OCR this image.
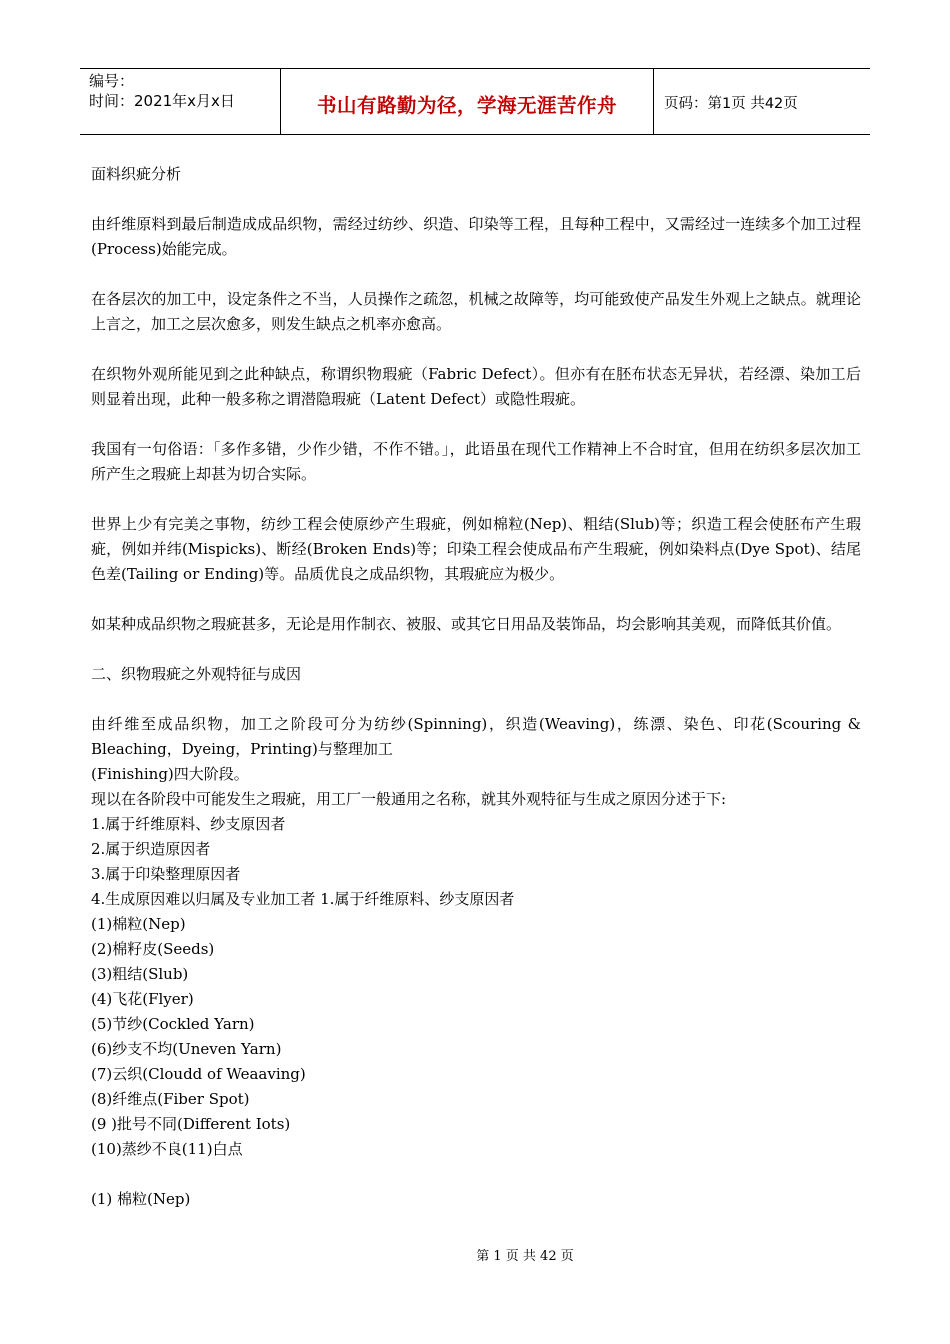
编号：
时间：2021年x月x日	书山有路勤为径，学海无涯苦作舟	页码：第1页 共42页

面料织疵分析

由纤维原料到最后制造成成品织物，需经过纺纱、织造、印染等工程，且每种工程中，又需经过一连续多个加工过程(Process)始能完成。

在各层次的加工中，设定条件之不当，人员操作之疏忽，机械之故障等，均可能致使产品发生外观上之缺点。就理论上言之，加工之层次愈多，则发生缺点之机率亦愈高。

在织物外观所能见到之此种缺点，称谓织物瑕疵（Fabric Defect）。但亦有在胚布状态无异状，若经漂、染加工后则显着出现，此种一般多称之谓潜隐瑕疵（Latent Defect）或隐性瑕疵。

我国有一句俗语：「多作多错，少作少错，不作不错。」，此语虽在现代工作精神上不合时宜，但用在纺织多层次加工所产生之瑕疵上却甚为切合实际。

世界上少有完美之事物，纺纱工程会使原纱产生瑕疵，例如棉粒(Nep)、粗结(Slub)等；织造工程会使胚布产生瑕疵，例如并纬(Mispicks)、断经(Broken Ends)等；印染工程会使成品布产生瑕疵，例如染料点(Dye Spot)、结尾色差(Tailing or Ending)等。品质优良之成品织物，其瑕疵应为极少。

如某种成品织物之瑕疵甚多，无论是用作制衣、被服、或其它日用品及装饰品，均会影响其美观，而降低其价值。

二、织物瑕疵之外观特征与成因

由纤维至成品织物，加工之阶段可分为纺纱(Spinning)，织造(Weaving)，练漂、染色、印花(Scouring & Bleaching，Dyeing，Printing)与整理加工
(Finishing)四大阶段。
现以在各阶段中可能发生之瑕疵，用工厂一般通用之名称，就其外观特征与生成之原因分述于下:
1.属于纤维原料、纱支原因者
2.属于织造原因者
3.属于印染整理原因者
4.生成原因难以归属及专业加工者 1.属于纤维原料、纱支原因者
(1)棉粒(Nep)
(2)棉籽皮(Seeds)
(3)粗结(Slub)
(4)飞花(Flyer)
(5)节纱(Cockled Yarn)
(6)纱支不均(Uneven Yarn)
(7)云织(Cloudd of Weaaving)
(8)纤维点(Fiber Spot)
(9 )批号不同(Different Iots)
(10)蒸纱不良(11)白点
(1) 棉粒(Nep)
第 1 页 共 42 页
